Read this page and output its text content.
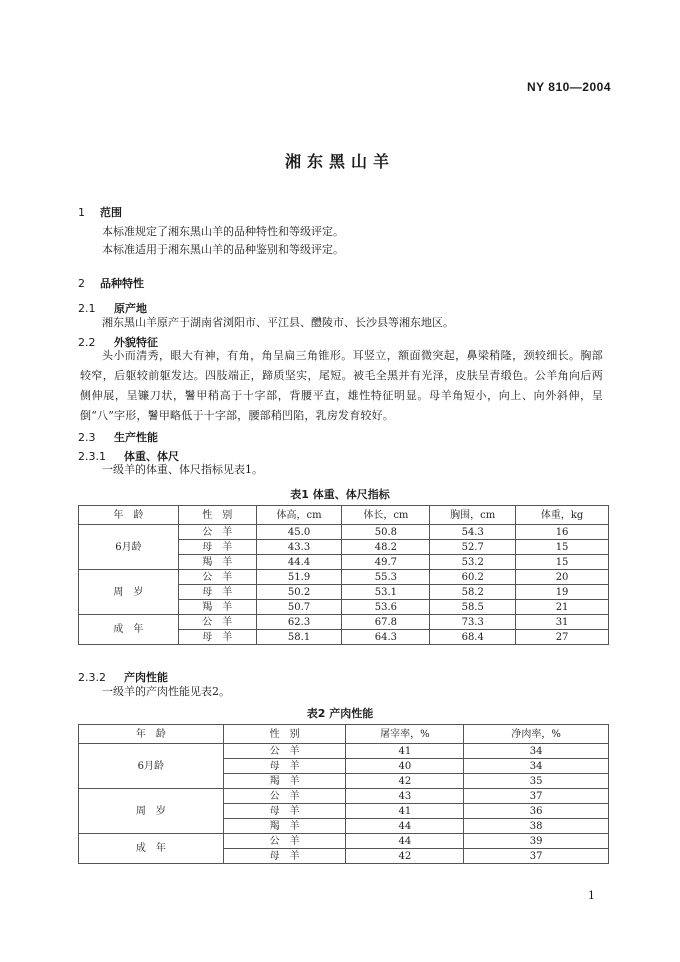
NY 810—2004
湘东黑山羊
1 范围
本标准规定了湘东黑山羊的品种特性和等级评定。
本标准适用于湘东黑山羊的品种鉴别和等级评定。
2 品种特性
2.1 原产地
湘东黑山羊原产于湖南省浏阳市、平江县、醴陵市、长沙县等湘东地区。
2.2 外貌特征
头小而清秀，眼大有神，有角，角呈扁三角锥形。耳竖立，额面微突起，鼻梁稍隆，颈较细长。胸部较窄，后躯较前躯发达。四肢端正，蹄质坚实，尾短。被毛全黑并有光泽，皮肤呈青缎色。公羊角向后两侧伸展，呈镰刀状，鬐甲稍高于十字部，背腰平直，雄性特征明显。母羊角短小，向上、向外斜伸，呈倒“八”字形，鬐甲略低于十字部，腰部稍凹陷，乳房发育较好。
2.3 生产性能
2.3.1 体重、体尺
一级羊的体重、体尺指标见表1。
表1 体重、体尺指标
年　龄	性　别	体高，cm	体长，cm	胸围，cm	体重，kg
6月龄	公　羊	45.0	50.8	54.3	16
	母　羊	43.3	48.2	52.7	15
	羯　羊	44.4	49.7	53.2	15
周　岁	公　羊	51.9	55.3	60.2	20
	母　羊	50.2	53.1	58.2	19
	羯　羊	50.7	53.6	58.5	21
成　年	公　羊	62.3	67.8	73.3	31
	母　羊	58.1	64.3	68.4	27
2.3.2 产肉性能
一级羊的产肉性能见表2。
表2 产肉性能
年　龄	性　别	屠宰率，%	净肉率，%
6月龄	公　羊	41	34
	母　羊	40	34
	羯　羊	42	35
周　岁	公　羊	43	37
	母　羊	41	36
	羯　羊	44	38
成　年	公　羊	44	39
	母　羊	42	37
1
